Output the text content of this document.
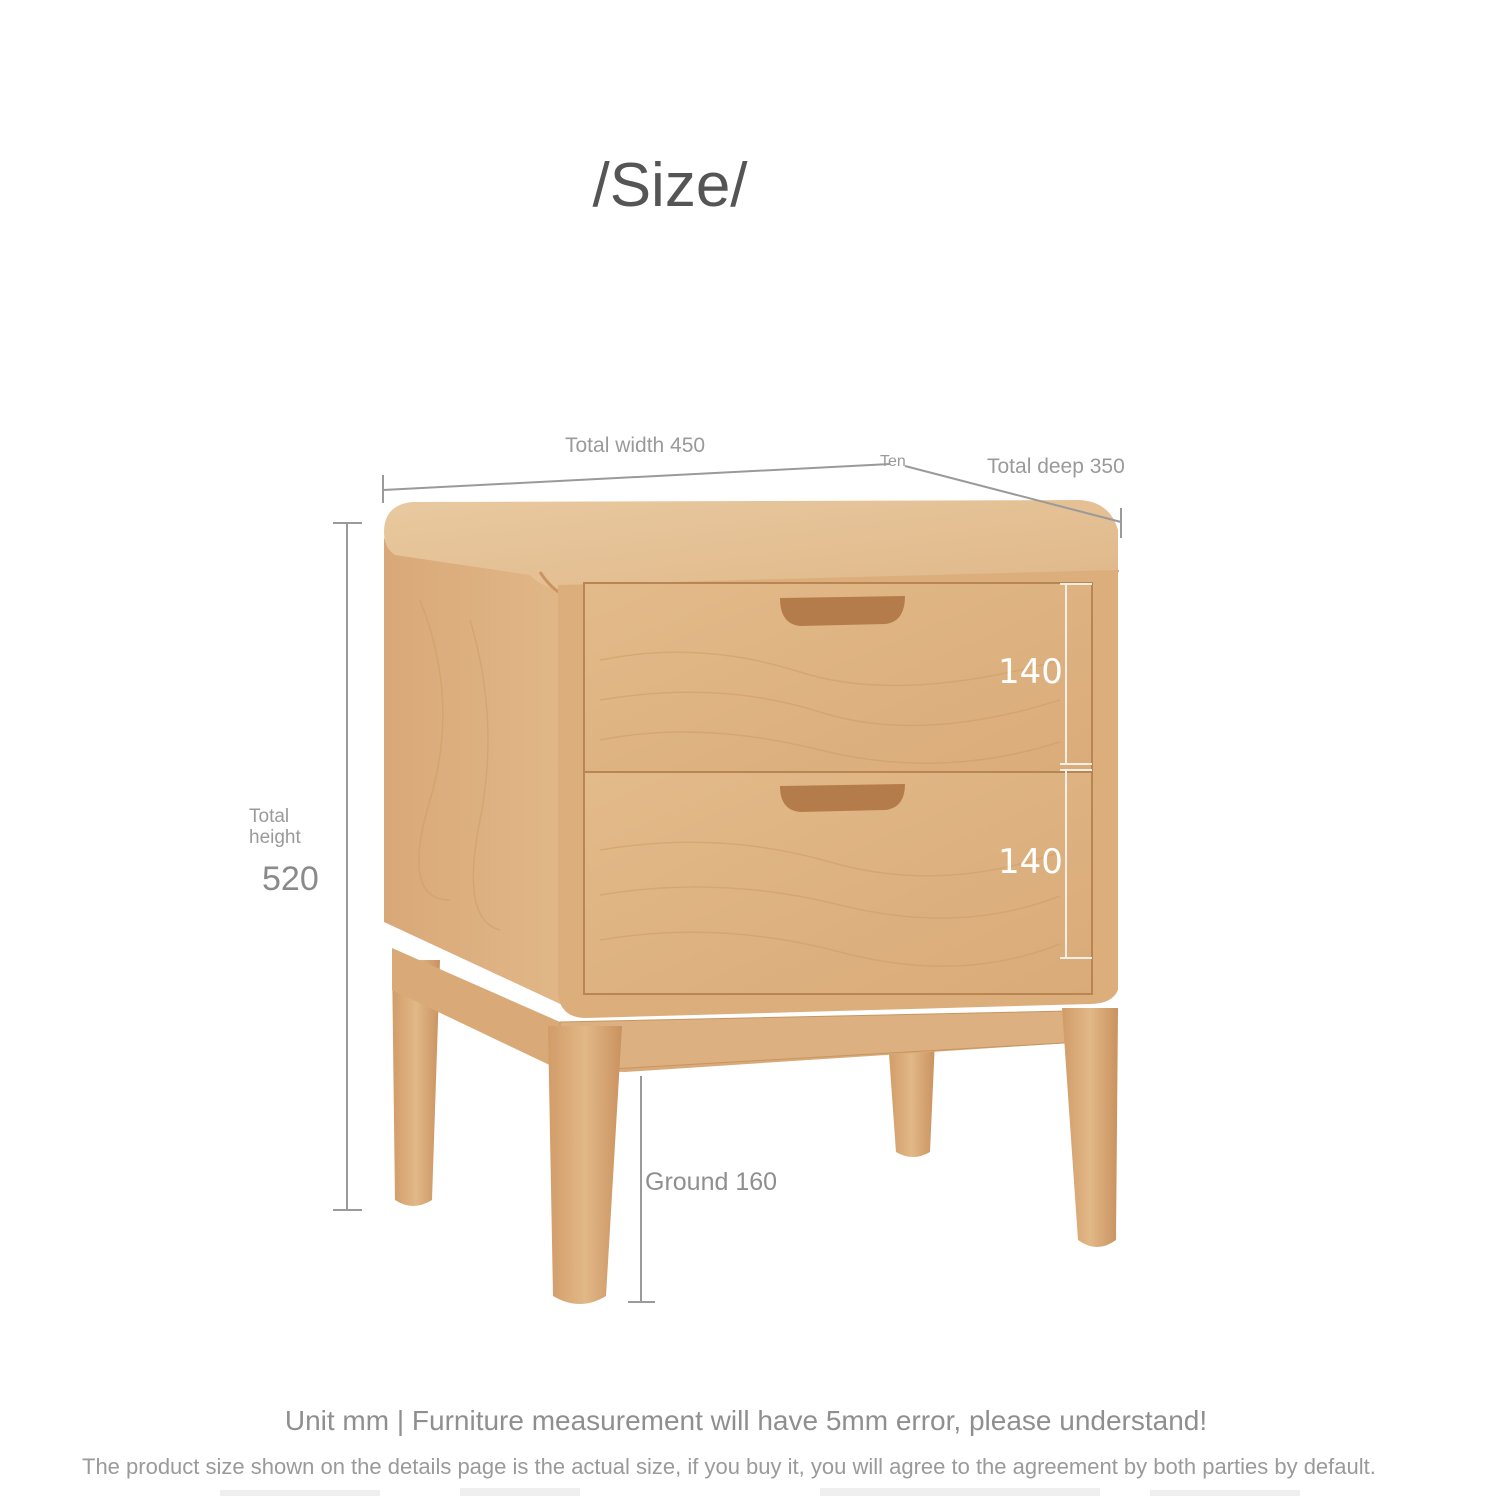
/Size/
Total width 450
Ten	Total deep 350
Total
height
520
140
140
Ground 160
Unit mm | Furniture measurement will have 5mm error, please understand!
The product size shown on the details page is the actual size, if you buy it, you will agree to the agreement by both parties by default.
